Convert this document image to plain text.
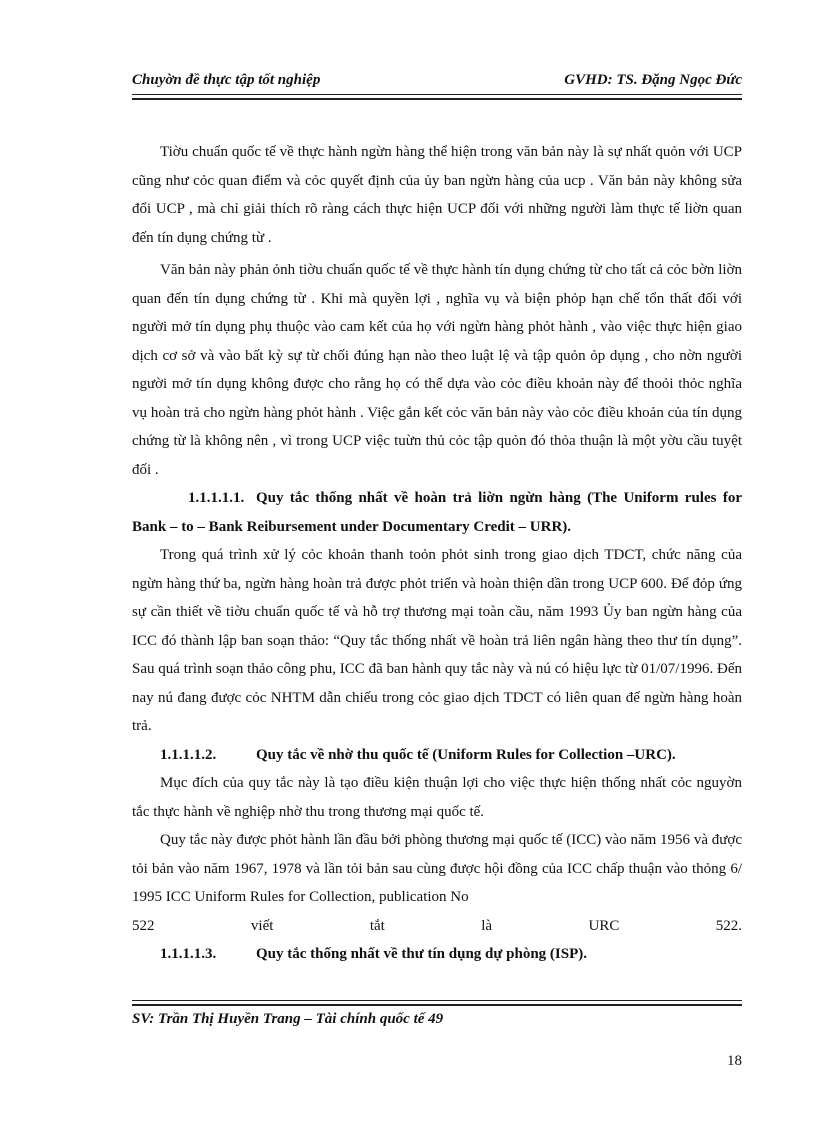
Chuyờn đề thực tập tốt nghiệp	GVHD: TS. Đặng Ngọc Đức

Tiờu chuẩn quốc tế về thực hành ngừn hàng thể hiện trong văn bản này là sự nhất quỏn với UCP cũng như cỏc quan điểm và cỏc quyết định của ủy ban ngừn hàng của ucp . Văn bản này không sửa đổi UCP , mà chỉ giải thích rõ ràng cách thực hiện UCP đối với những người làm thực tế liờn quan đến tín dụng chứng từ .

Văn bản này phản ỏnh tiờu chuẩn quốc tế về thực hành tín dụng chứng từ cho tất cả cỏc bờn liờn quan đến tín dụng chứng từ . Khi mà quyền lợi , nghĩa vụ và biện phỏp hạn chế tổn thất đối với người mở tín dụng phụ thuộc vào cam kết của họ với ngừn hàng phỏt hành , vào việc thực hiện giao dịch cơ sở và vào bất kỳ sự từ chối đúng hạn nào theo luật lệ và tập quỏn ỏp dụng , cho nờn người người mở tín dụng không được cho rằng họ có thể dựa vào cỏc điều khoản này để thoỏi thỏc nghĩa vụ hoàn trả cho ngừn hàng phỏt hành . Việc gắn kết cỏc văn bản này vào cỏc điều khoản của tín dụng chứng từ là không nên , vì trong UCP việc tuừn thủ cỏc tập quỏn đó thỏa thuận là một yờu cầu tuyệt đối .

1.1.1.1.1. Quy tắc thống nhất về hoàn trả liờn ngừn hàng (The Uniform rules for Bank – to – Bank Reibursement under Documentary Credit – URR).

Trong quá trình xử lý cỏc khoản thanh toỏn phỏt sinh trong giao dịch TDCT, chức năng của ngừn hàng thứ ba, ngừn hàng hoàn trả được phỏt triển và hoàn thiện dần trong UCP 600. Để đỏp ứng sự cần thiết về tiờu chuẩn quốc tế và hỗ trợ thương mại toàn cầu, năm 1993 Ủy ban ngừn hàng của ICC đó thành lập ban soạn thảo: “Quy tắc thống nhất về hoàn trả liên ngân hàng theo thư tín dụng”. Sau quá trình soạn thảo công phu, ICC đã ban hành quy tắc này và nú có hiệu lực từ 01/07/1996. Đến nay nú đang được cỏc NHTM dẫn chiếu trong cỏc giao dịch TDCT có liên quan đế ngừn hàng hoàn trả.

1.1.1.1.2.	Quy tắc về nhờ thu quốc tế (Uniform Rules for Collection –URC).

Mục đích của quy tắc này là tạo điều kiện thuận lợi cho việc thực hiện thống nhất cỏc nguyờn tắc thực hành về nghiệp nhờ thu trong thương mại quốc tế.

Quy tắc này được phỏt hành lần đầu bởi phòng thương mại quốc tế (ICC) vào năm 1956 và được tỏi bản vào năm 1967, 1978 và lần tỏi bản sau cùng được hội đồng của ICC chấp thuận vào thỏng 6/ 1995 ICC Uniform Rules for Collection, publication No

522 viết tắt là URC 522.

1.1.1.1.3.	Quy tắc thống nhất về thư tín dụng dự phòng (ISP).

SV: Trần Thị Huyền Trang – Tài chính quốc tế 49
18
